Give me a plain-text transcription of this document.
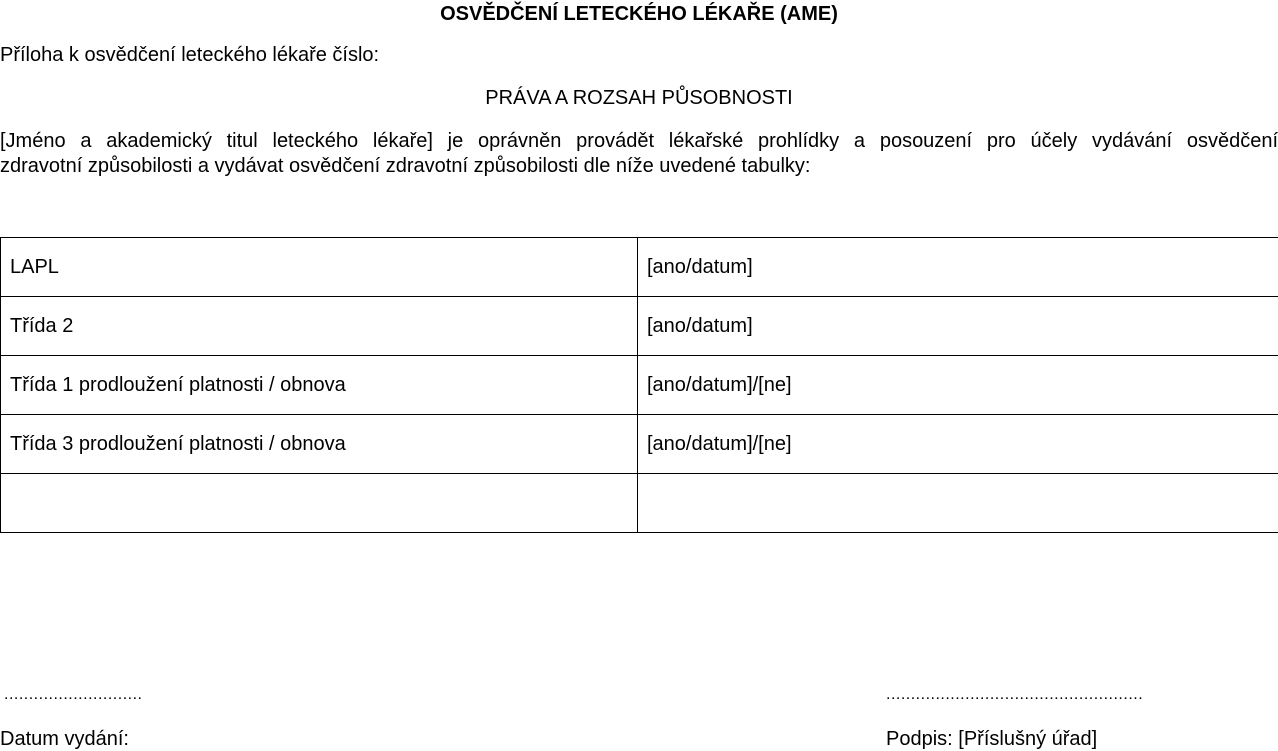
OSVĚDČENÍ LETECKÉHO LÉKAŘE (AME)
Příloha k osvědčení leteckého lékaře číslo:
PRÁVA A ROZSAH PŮSOBNOSTI
[Jméno a akademický titul leteckého lékaře] je oprávněn provádět lékařské prohlídky a posouzení pro účely vydávání osvědčení
zdravotní způsobilosti a vydávat osvědčení zdravotní způsobilosti dle níže uvedené tabulky:
LAPL	[ano/datum]
Třída 2	[ano/datum]
Třída 1 prodloužení platnosti / obnova	[ano/datum]/[ne]
Třída 3 prodloužení platnosti / obnova	[ano/datum]/[ne]

............................	....................................................
Datum vydání:	Podpis: [Příslušný úřad]
